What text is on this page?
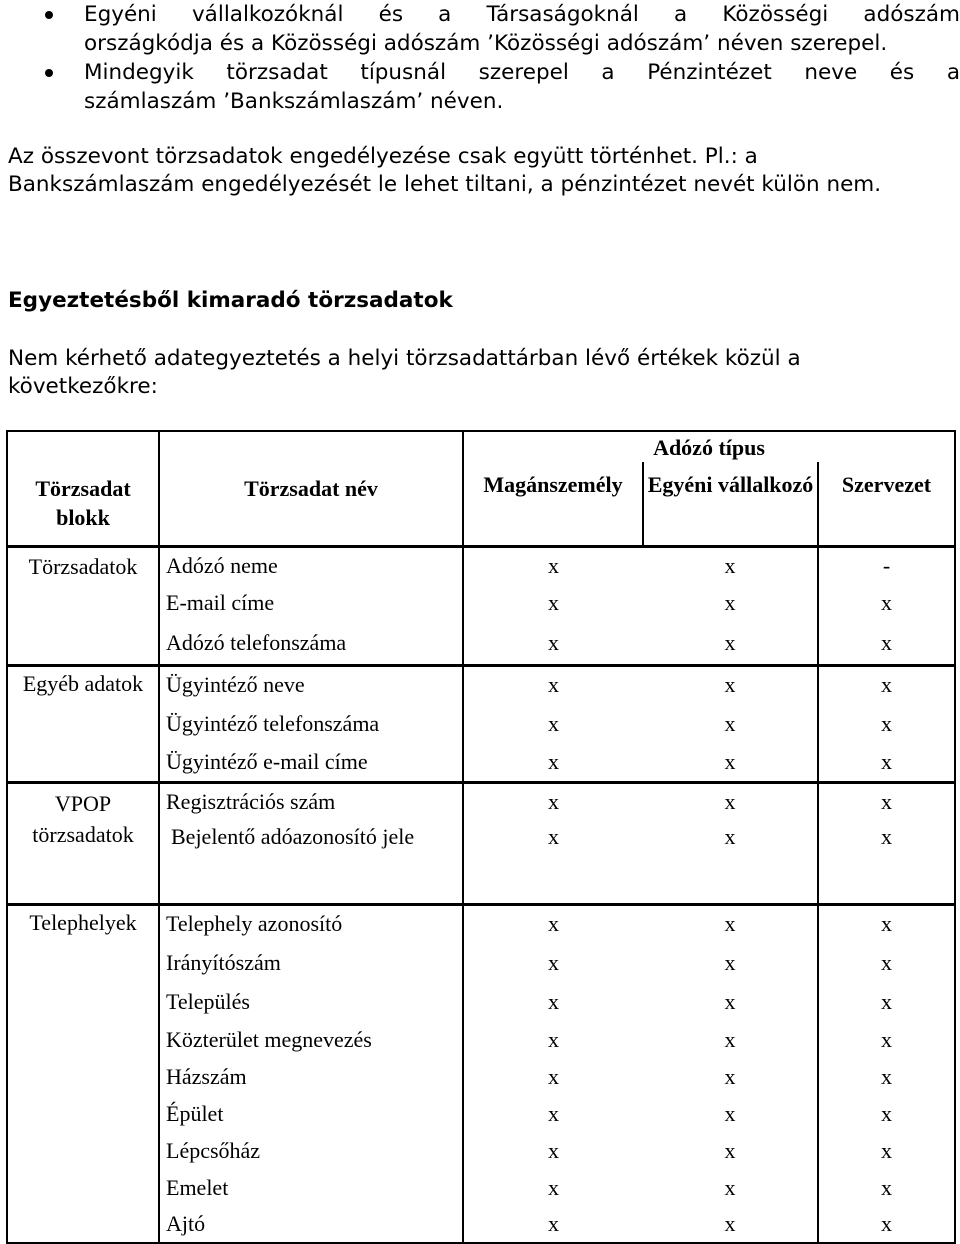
Egyéni vállalkozóknál és a Társaságoknál a Közösségi adószám
országkódja és a Közösségi adószám ’Közösségi adószám’ néven szerepel.
Mindegyik törzsadat típusnál szerepel a Pénzintézet neve és a
számlaszám ’Bankszámlaszám’ néven.
Az összevont törzsadatok engedélyezése csak együtt történhet. Pl.: a
Bankszámlaszám engedélyezését le lehet tiltani, a pénzintézet nevét külön nem.
Egyeztetésből kimaradó törzsadatok
Nem kérhető adategyeztetés a helyi törzsadattárban lévő értékek közül a
következőkre:
Törzsadat blokk	Törzsadat név	Adózó típus		
		Magánszemély	Egyéni vállalkozó	Szervezet
Törzsadatok	Adózó neme	x	x	-
	E-mail címe	x	x	x
	Adózó telefonszáma	x	x	x
Egyéb adatok	Ügyintéző neve	x	x	x
	Ügyintéző telefonszáma	x	x	x
	Ügyintéző e-mail címe	x	x	x
VPOP törzsadatok	Regisztrációs szám	x	x	x
	Bejelentő adóazonosító jele	x	x	x
Telephelyek	Telephely azonosító	x	x	x
	Irányítószám	x	x	x
	Település	x	x	x
	Közterület megnevezés	x	x	x
	Házszám	x	x	x
	Épület	x	x	x
	Lépcsőház	x	x	x
	Emelet	x	x	x
	Ajtó	x	x	x
